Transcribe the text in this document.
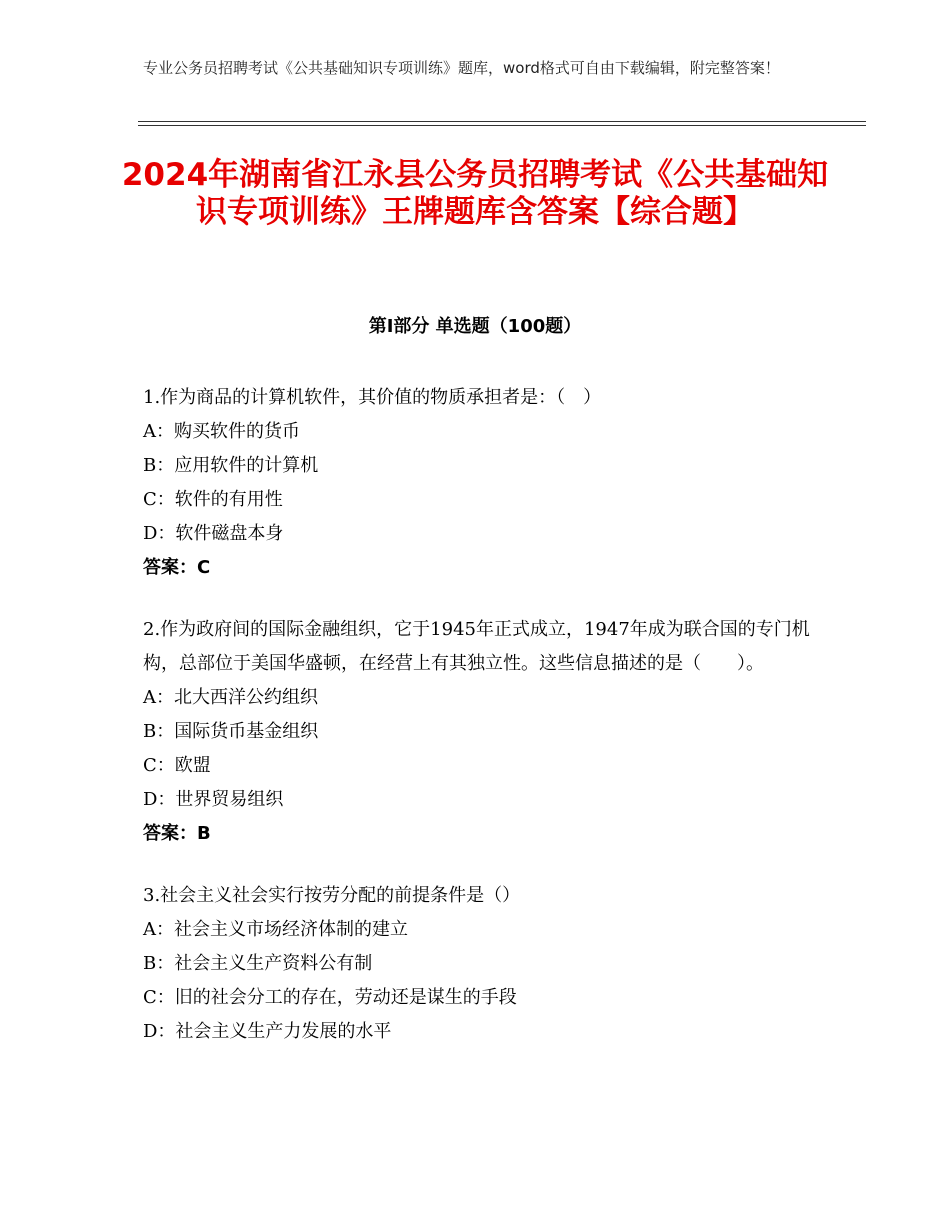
专业公务员招聘考试《公共基础知识专项训练》题库，word格式可自由下载编辑，附完整答案！
2024年湖南省江永县公务员招聘考试《公共基础知识专项训练》王牌题库含答案【综合题】
第Ⅰ部分 单选题（100题）

1.作为商品的计算机软件，其价值的物质承担者是：（　）

A：购买软件的货币

B：应用软件的计算机

C：软件的有用性

D：软件磁盘本身

答案：C

2.作为政府间的国际金融组织，它于1945年正式成立，1947年成为联合国的专门机构，总部位于美国华盛顿，在经营上有其独立性。这些信息描述的是（　　）。

A：北大西洋公约组织

B：国际货币基金组织

C：欧盟

D：世界贸易组织

答案：B

3.社会主义社会实行按劳分配的前提条件是（）

A：社会主义市场经济体制的建立

B：社会主义生产资料公有制

C：旧的社会分工的存在，劳动还是谋生的手段

D：社会主义生产力发展的水平
